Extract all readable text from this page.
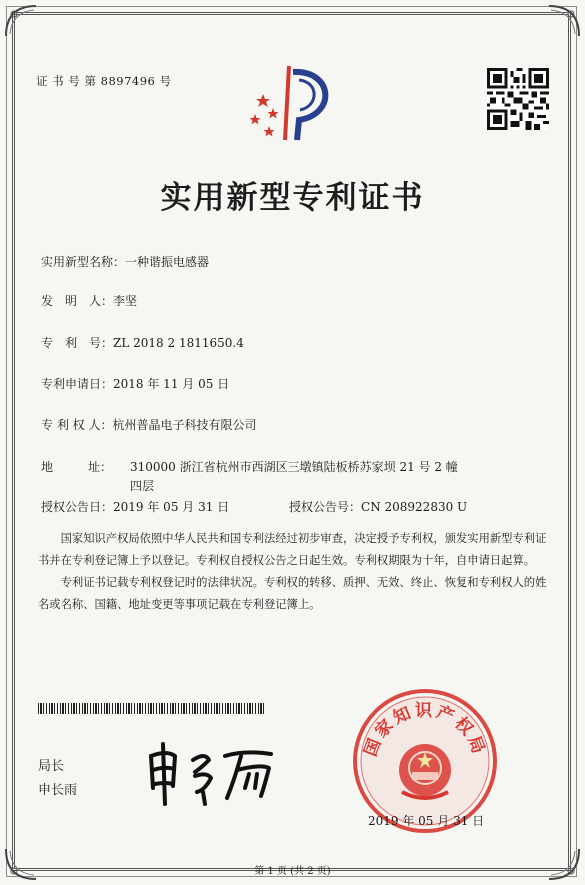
证 书 号 第 8897496 号
实用新型专利证书
实用新型名称：一种谐振电感器
发　明　人：李坚
专　利　号：ZL 2018 2 1811650.4
专利申请日：2018 年 11 月 05 日
专 利 权 人：杭州普晶电子科技有限公司
地	址： 310000 浙江省杭州市西湖区三墩镇陆板桥苏家坝 21 号 2 幢四层
授权公告日：2019 年 05 月 31 日	授权公告号：CN 208922830 U

国家知识产权局依照中华人民共和国专利法经过初步审查，决定授予专利权，颁发实用新型专利证书并在专利登记簿上予以登记。专利权自授权公告之日起生效。专利权期限为十年，自申请日起算。

专利证书记载专利权登记时的法律状况。专利权的转移、质押、无效、终止、恢复和专利权人的姓名或名称、国籍、地址变更等事项记载在专利登记簿上。

局长
申长雨
国家知识产权局
2019 年 05 月 31 日
第 1 页 (共 2 页)
